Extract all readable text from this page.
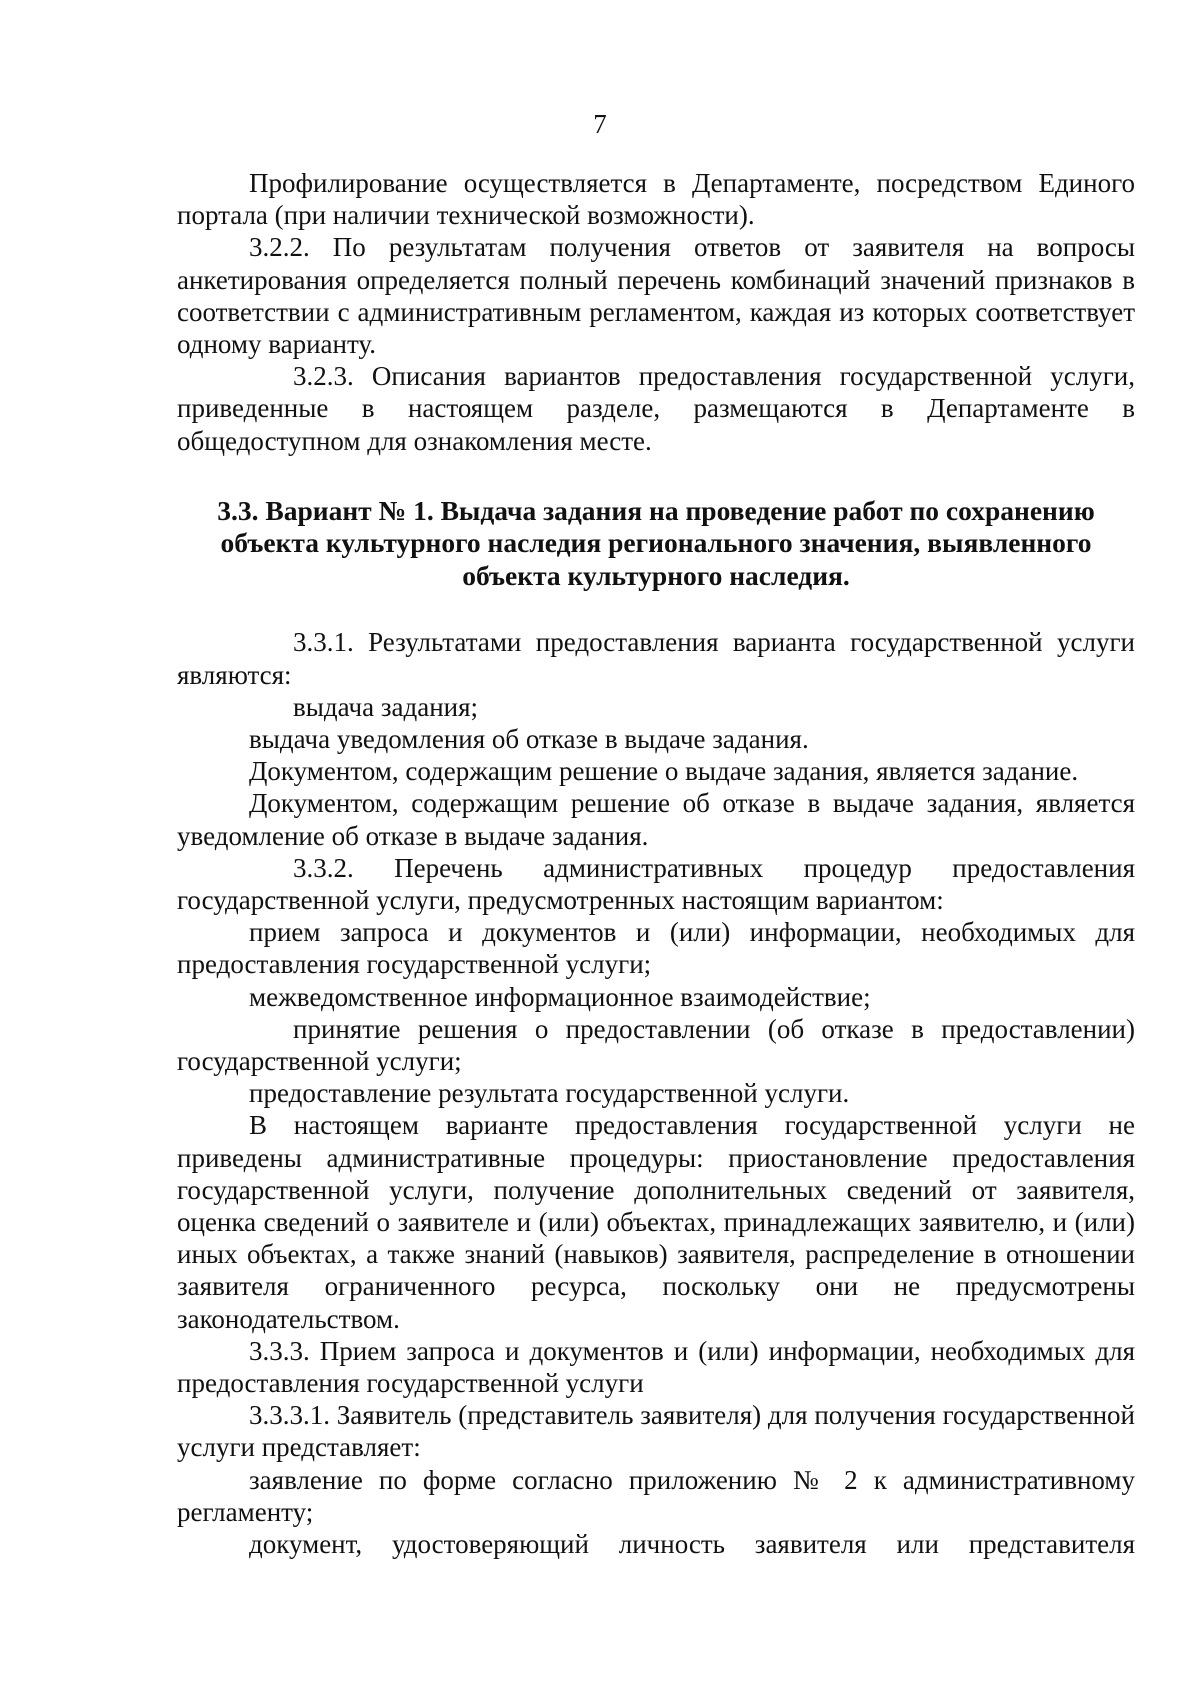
7

Профилирование осуществляется в Департаменте, посредством Единого портала (при наличии технической возможности).

3.2.2. По результатам получения ответов от заявителя на вопросы анкетирования определяется полный перечень комбинаций значений признаков в соответствии с административным регламентом, каждая из которых соответствует одному варианту.

3.2.3. Описания вариантов предоставления государственной услуги, приведенные в настоящем разделе, размещаются в Департаменте в общедоступном для ознакомления месте.

3.3. Вариант № 1. Выдача задания на проведение работ по сохранению объекта культурного наследия регионального значения, выявленного объекта культурного наследия.

3.3.1. Результатами предоставления варианта государственной услуги являются:

выдача задания;

выдача уведомления об отказе в выдаче задания.

Документом, содержащим решение о выдаче задания, является задание.

Документом, содержащим решение об отказе в выдаче задания, является уведомление об отказе в выдаче задания.

3.3.2. Перечень административных процедур предоставления государственной услуги, предусмотренных настоящим вариантом:

прием запроса и документов и (или) информации, необходимых для предоставления государственной услуги;

межведомственное информационное взаимодействие;

принятие решения о предоставлении (об отказе в предоставлении) государственной услуги;

предоставление результата государственной услуги.

В настоящем варианте предоставления государственной услуги не приведены административные процедуры: приостановление предоставления государственной услуги, получение дополнительных сведений от заявителя, оценка сведений о заявителе и (или) объектах, принадлежащих заявителю, и (или) иных объектах, а также знаний (навыков) заявителя, распределение в отношении заявителя ограниченного ресурса, поскольку они не предусмотрены законодательством.

3.3.3. Прием запроса и документов и (или) информации, необходимых для предоставления государственной услуги

3.3.3.1. Заявитель (представитель заявителя) для получения государственной услуги представляет:

заявление по форме согласно приложению № 2 к административному регламенту;

документ, удостоверяющий личность заявителя или представителя
